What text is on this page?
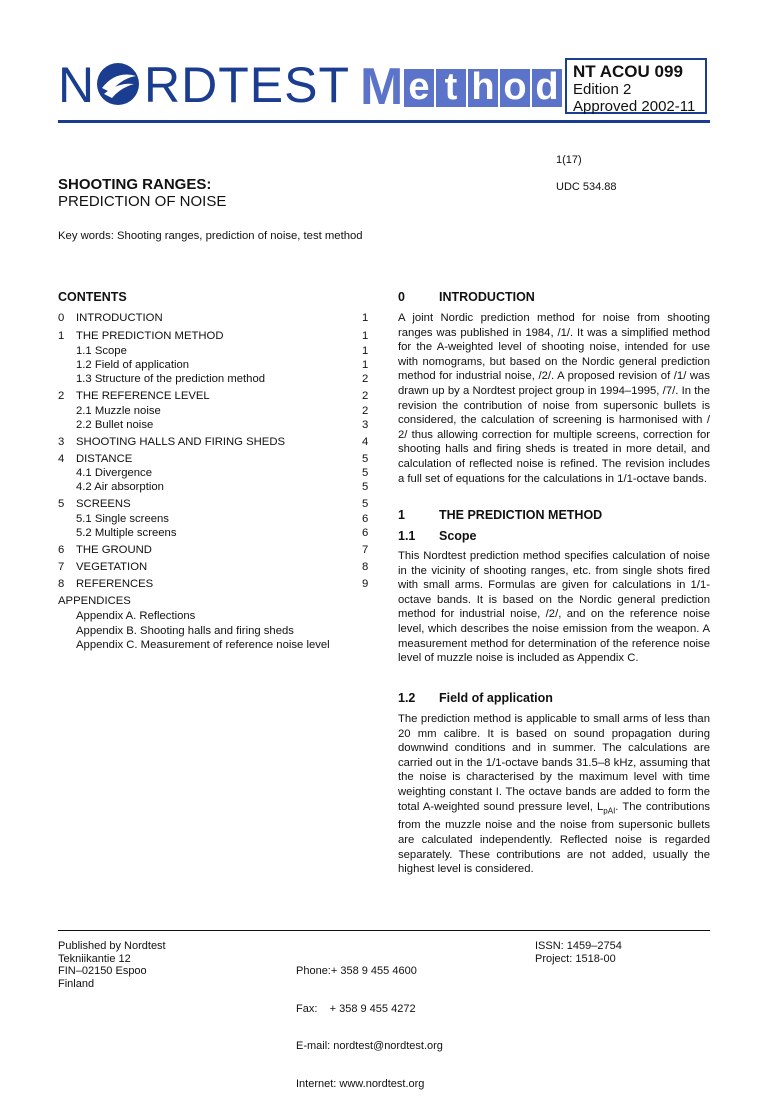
N RDTEST M e t h o d NT ACOU 099
Edition 2
Approved 2002-11
1(17)
UDC 534.88
SHOOTING RANGES:
PREDICTION OF NOISE
Key words: Shooting ranges, prediction of noise, test method
CONTENTS
0 INTRODUCTION	1
1 THE PREDICTION METHOD	1
1.1 Scope	1
1.2 Field of application	1
1.3 Structure of the prediction method	2
2 THE REFERENCE LEVEL	2
2.1 Muzzle noise	2
2.2 Bullet noise	3
3 SHOOTING HALLS AND FIRING SHEDS	4
4 DISTANCE	5
4.1 Divergence	5
4.2 Air absorption	5
5 SCREENS	5
5.1 Single screens	6
5.2 Multiple screens	6
6 THE GROUND	7
7 VEGETATION	8
8 REFERENCES	9
APPENDICES
Appendix A. Reflections
Appendix B. Shooting halls and firing sheds
Appendix C. Measurement of reference noise level
0	INTRODUCTION
A joint Nordic prediction method for noise from shooting ranges was published in 1984, /1/. It was a simplified method for the A-weighted level of shooting noise, intended for use with nomograms, but based on the Nordic general prediction method for industrial noise, /2/. A proposed revision of /1/ was drawn up by a Nordtest project group in 1994–1995, /7/. In the revision the contribution of noise from supersonic bullets is considered, the calculation of screening is harmonised with / 2/ thus allowing correction for multiple screens, correction for shooting halls and firing sheds is treated in more detail, and calculation of reflected noise is refined. The revision includes a full set of equations for the calculations in 1/1-octave bands.
1	THE PREDICTION METHOD
1.1 Scope
This Nordtest prediction method specifies calculation of noise in the vicinity of shooting ranges, etc. from single shots fired with small arms. Formulas are given for calculations in 1/1-octave bands. It is based on the Nordic general prediction method for industrial noise, /2/, and on the reference noise level, which describes the noise emission from the weapon. A measurement method for determination of the reference noise level of muzzle noise is included as Appendix C.
1.2 Field of application
The prediction method is applicable to small arms of less than 20 mm calibre. It is based on sound propagation during downwind conditions and in summer. The calculations are carried out in the 1/1-octave bands 31.5–8 kHz, assuming that the noise is characterised by the maximum level with time weighting constant I. The octave bands are added to form the total A-weighted sound pressure level, $L_{pAI}$. The contributions from the muzzle noise and the noise from supersonic bullets are calculated independently. Reflected noise is regarded separately. These contributions are not added, usually the highest level is considered.
Published by Nordtest
Tekniikantie 12
FIN–02150 Espoo
Finland

Phone:+ 358 9 455 4600

Fax:    + 358 9 455 4272

E-mail: nordtest@nordtest.org

Internet: www.nordtest.org

ISSN: 1459–2754
Project: 1518-00
